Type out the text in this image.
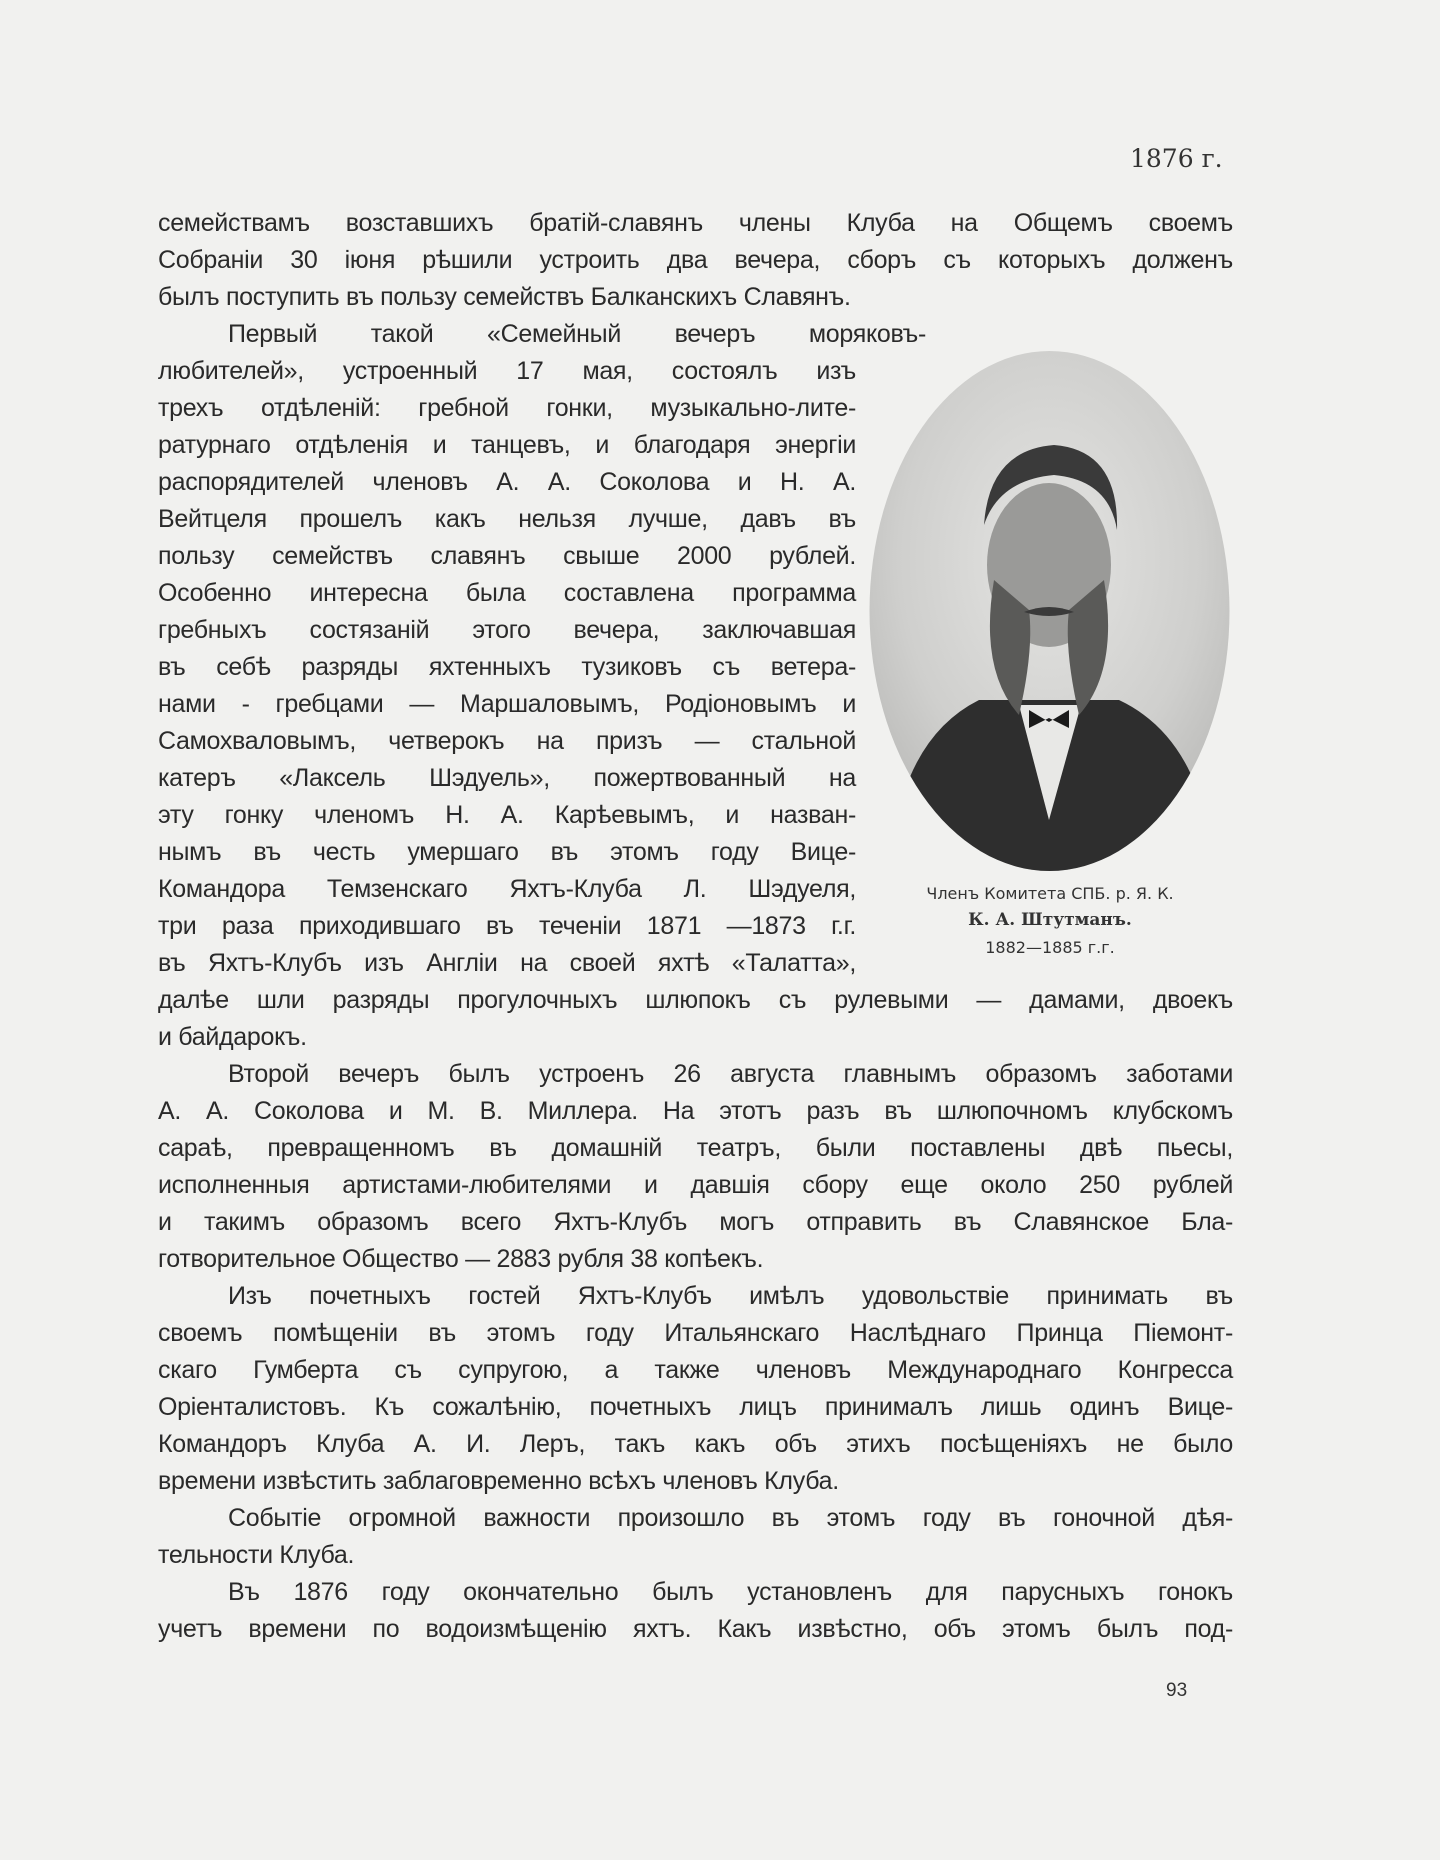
1876 г.
семействамъ возставшихъ братій-славянъ члены Клуба на Общемъ своемъ
Собраніи 30 іюня рѣшили устроить два вечера, сборъ съ которыхъ долженъ
былъ поступить въ пользу семействъ Балканскихъ Славянъ.
Первый такой «Семейный вечеръ моряковъ-
любителей», устроенный 17 мая, состоялъ изъ
трехъ отдѣленій: гребной гонки, музыкально-лите-
ратурнаго отдѣленія и танцевъ, и благодаря энергіи
распорядителей членовъ А. А. Соколова и Н. А.
Вейтцеля прошелъ какъ нельзя лучше, давъ въ
пользу семействъ славянъ свыше 2000 рублей.
Особенно интересна была составлена программа
гребныхъ состязаній этого вечера, заключавшая
въ себѣ разряды яхтенныхъ тузиковъ съ ветера-
нами - гребцами — Маршаловымъ, Родіоновымъ и
Самохваловымъ, четверокъ на призъ — стальной
катеръ «Лаксель Шэдуель», пожертвованный на
эту гонку членомъ Н. А. Карѣевымъ, и назван-
нымъ въ честь умершаго въ этомъ году Вице-
Командора Темзенскаго Яхтъ-Клуба Л. Шэдуеля,
три раза приходившаго въ теченіи 1871 —1873 г.г.
въ Яхтъ-Клубъ изъ Англіи на своей яхтѣ «Талатта»,
далѣе шли разряды прогулочныхъ шлюпокъ съ рулевыми — дамами, двоекъ
и байдарокъ.
Второй вечеръ былъ устроенъ 26 августа главнымъ образомъ заботами
А. А. Соколова и М. В. Миллера. На этотъ разъ въ шлюпочномъ клубскомъ
сараѣ, превращенномъ въ домашній театръ, были поставлены двѣ пьесы,
исполненныя артистами-любителями и давшія сбору еще около 250 рублей
и такимъ образомъ всего Яхтъ-Клубъ могъ отправить въ Славянское Бла-
готворительное Общество — 2883 рубля 38 копѣекъ.
Изъ почетныхъ гостей Яхтъ-Клубъ имѣлъ удовольствіе принимать въ
своемъ помѣщеніи въ этомъ году Итальянскаго Наслѣднаго Принца Піемонт-
скаго Гумберта съ супругою, а также членовъ Международнаго Конгресса
Оріенталистовъ. Къ сожалѣнію, почетныхъ лицъ принималъ лишь одинъ Вице-
Командоръ Клуба А. И. Леръ, такъ какъ объ этихъ посѣщеніяхъ не было
времени извѣстить заблаговременно всѣхъ членовъ Клуба.
Событіе огромной важности произошло въ этомъ году въ гоночной дѣя-
тельности Клуба.
Въ 1876 году окончательно былъ установленъ для парусныхъ гонокъ
учетъ времени по водоизмѣщенію яхтъ. Какъ извѣстно, объ этомъ былъ под-
Членъ Комитета СПБ. р. Я. К.
К. А. Штутманъ.
1882—1885 г.г.
93
